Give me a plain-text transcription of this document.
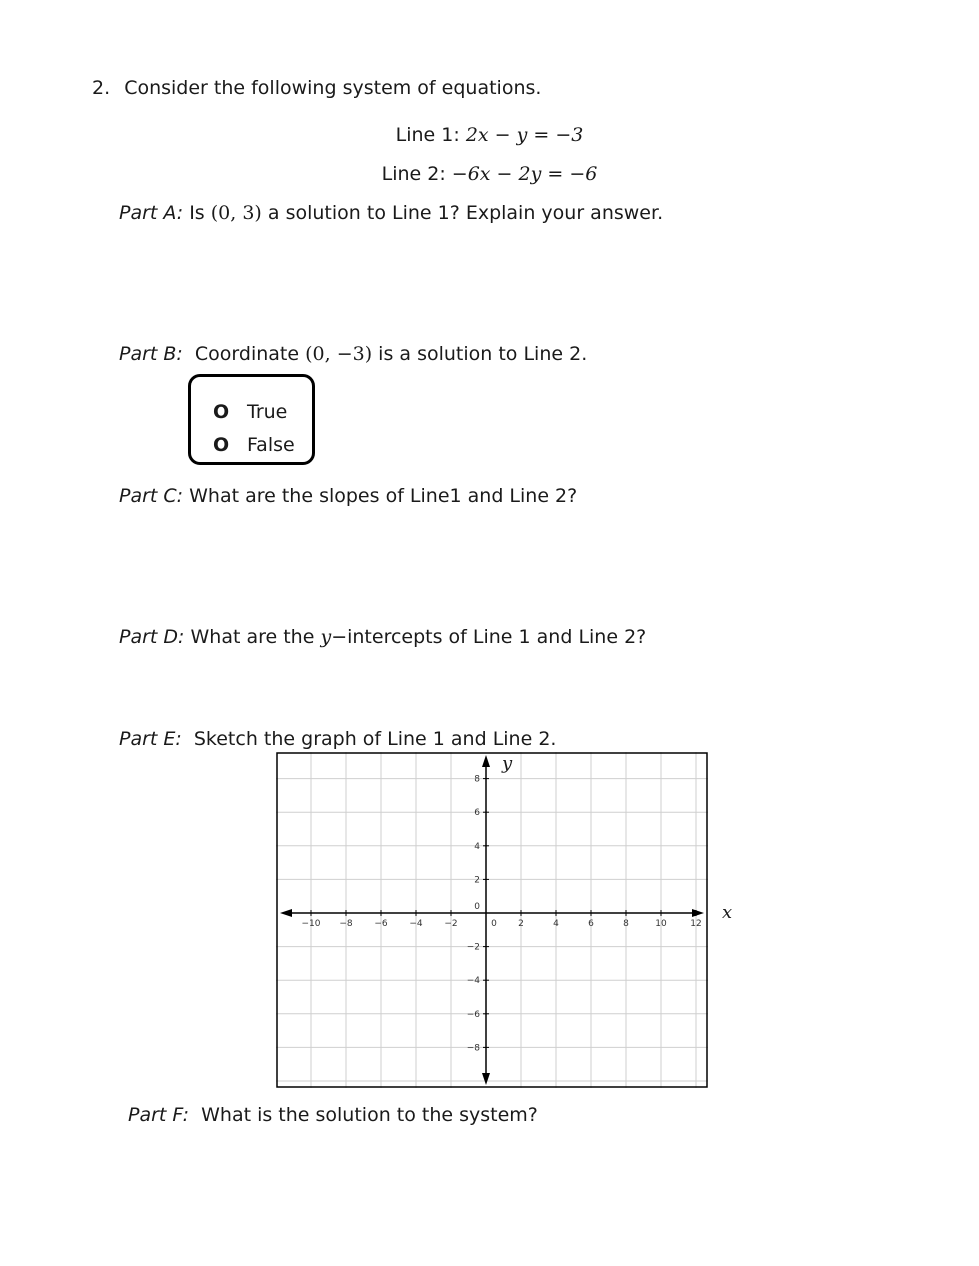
2. Consider the following system of equations.
Line 1: 2x − y = −3
Line 2: −6x − 2y = −6
Part A: Is (0, 3) a solution to Line 1? Explain your answer.
Part B: Coordinate (0, −3) is a solution to Line 2.
O True
O False
Part C: What are the slopes of Line1 and Line 2?
Part D: What are the y−intercepts of Line 1 and Line 2?
Part E: Sketch the graph of Line 1 and Line 2.
−10 −8 −6 −4 −2	0 2	4	6	8	10	12
8
6
4
2
−2
−4
−6
−8
0
y
x
Part F: What is the solution to the system?
